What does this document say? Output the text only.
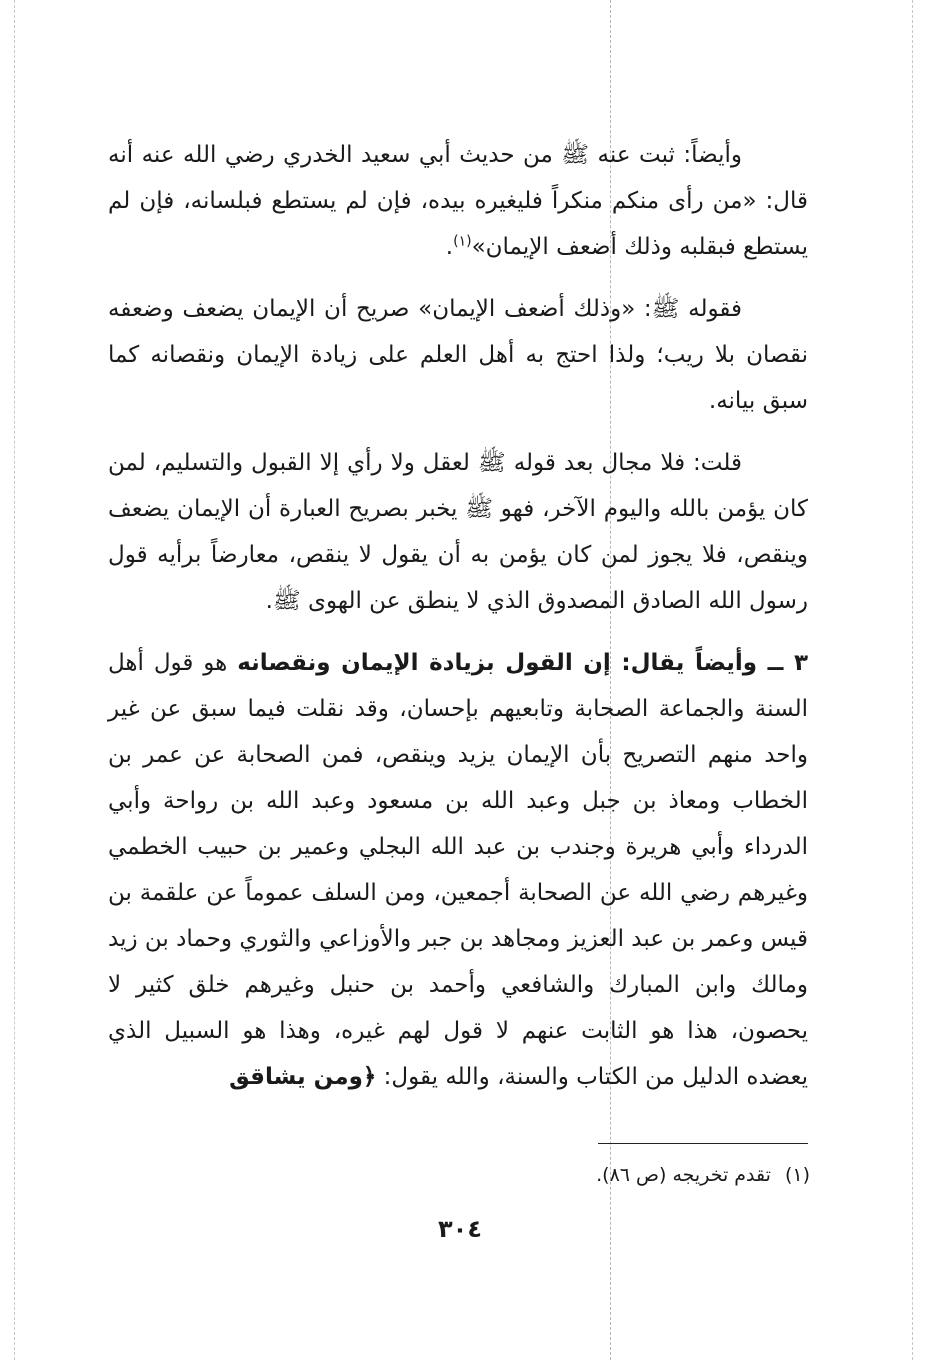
وأيضاً: ثبت عنه ﷺ من حديث أبي سعيد الخدري رضي الله عنه أنه قال: «من رأى منكم منكراً فليغيره بيده، فإن لم يستطع فبلسانه، فإن لم يستطع فبقلبه وذلك أضعف الإيمان»$^{(١)}$.

فقوله ﷺ: «وذلك أضعف الإيمان» صريح أن الإيمان يضعف وضعفه نقصان بلا ريب؛ ولذا احتج به أهل العلم على زيادة الإيمان ونقصانه كما سبق بيانه.

قلت: فلا مجال بعد قوله ﷺ لعقل ولا رأي إلا القبول والتسليم، لمن كان يؤمن بالله واليوم الآخر، فهو ﷺ يخبر بصريح العبارة أن الإيمان يضعف وينقص، فلا يجوز لمن كان يؤمن به أن يقول لا ينقص، معارضاً برأيه قول رسول الله الصادق المصدوق الذي لا ينطق عن الهوى ﷺ.

٣ ــ وأيضاً يقال: إن القول بزيادة الإيمان ونقصانه هو قول أهل السنة والجماعة الصحابة وتابعيهم بإحسان، وقد نقلت فيما سبق عن غير واحد منهم التصريح بأن الإيمان يزيد وينقص، فمن الصحابة عن عمر بن الخطاب ومعاذ بن جبل وعبد الله بن مسعود وعبد الله بن رواحة وأبي الدرداء وأبي هريرة وجندب بن عبد الله البجلي وعمير بن حبيب الخطمي وغيرهم رضي الله عن الصحابة أجمعين، ومن السلف عموماً عن علقمة بن قيس وعمر بن عبد العزيز ومجاهد بن جبر والأوزاعي والثوري وحماد بن زيد ومالك وابن المبارك والشافعي وأحمد بن حنبل وغيرهم خلق كثير لا يحصون، هذا هو الثابت عنهم لا قول لهم غيره، وهذا هو السبيل الذي يعضده الدليل من الكتاب والسنة، والله يقول: ﴿ومن يشاقق

(١)تقدم تخريجه (ص ٨٦).
٣٠٤
